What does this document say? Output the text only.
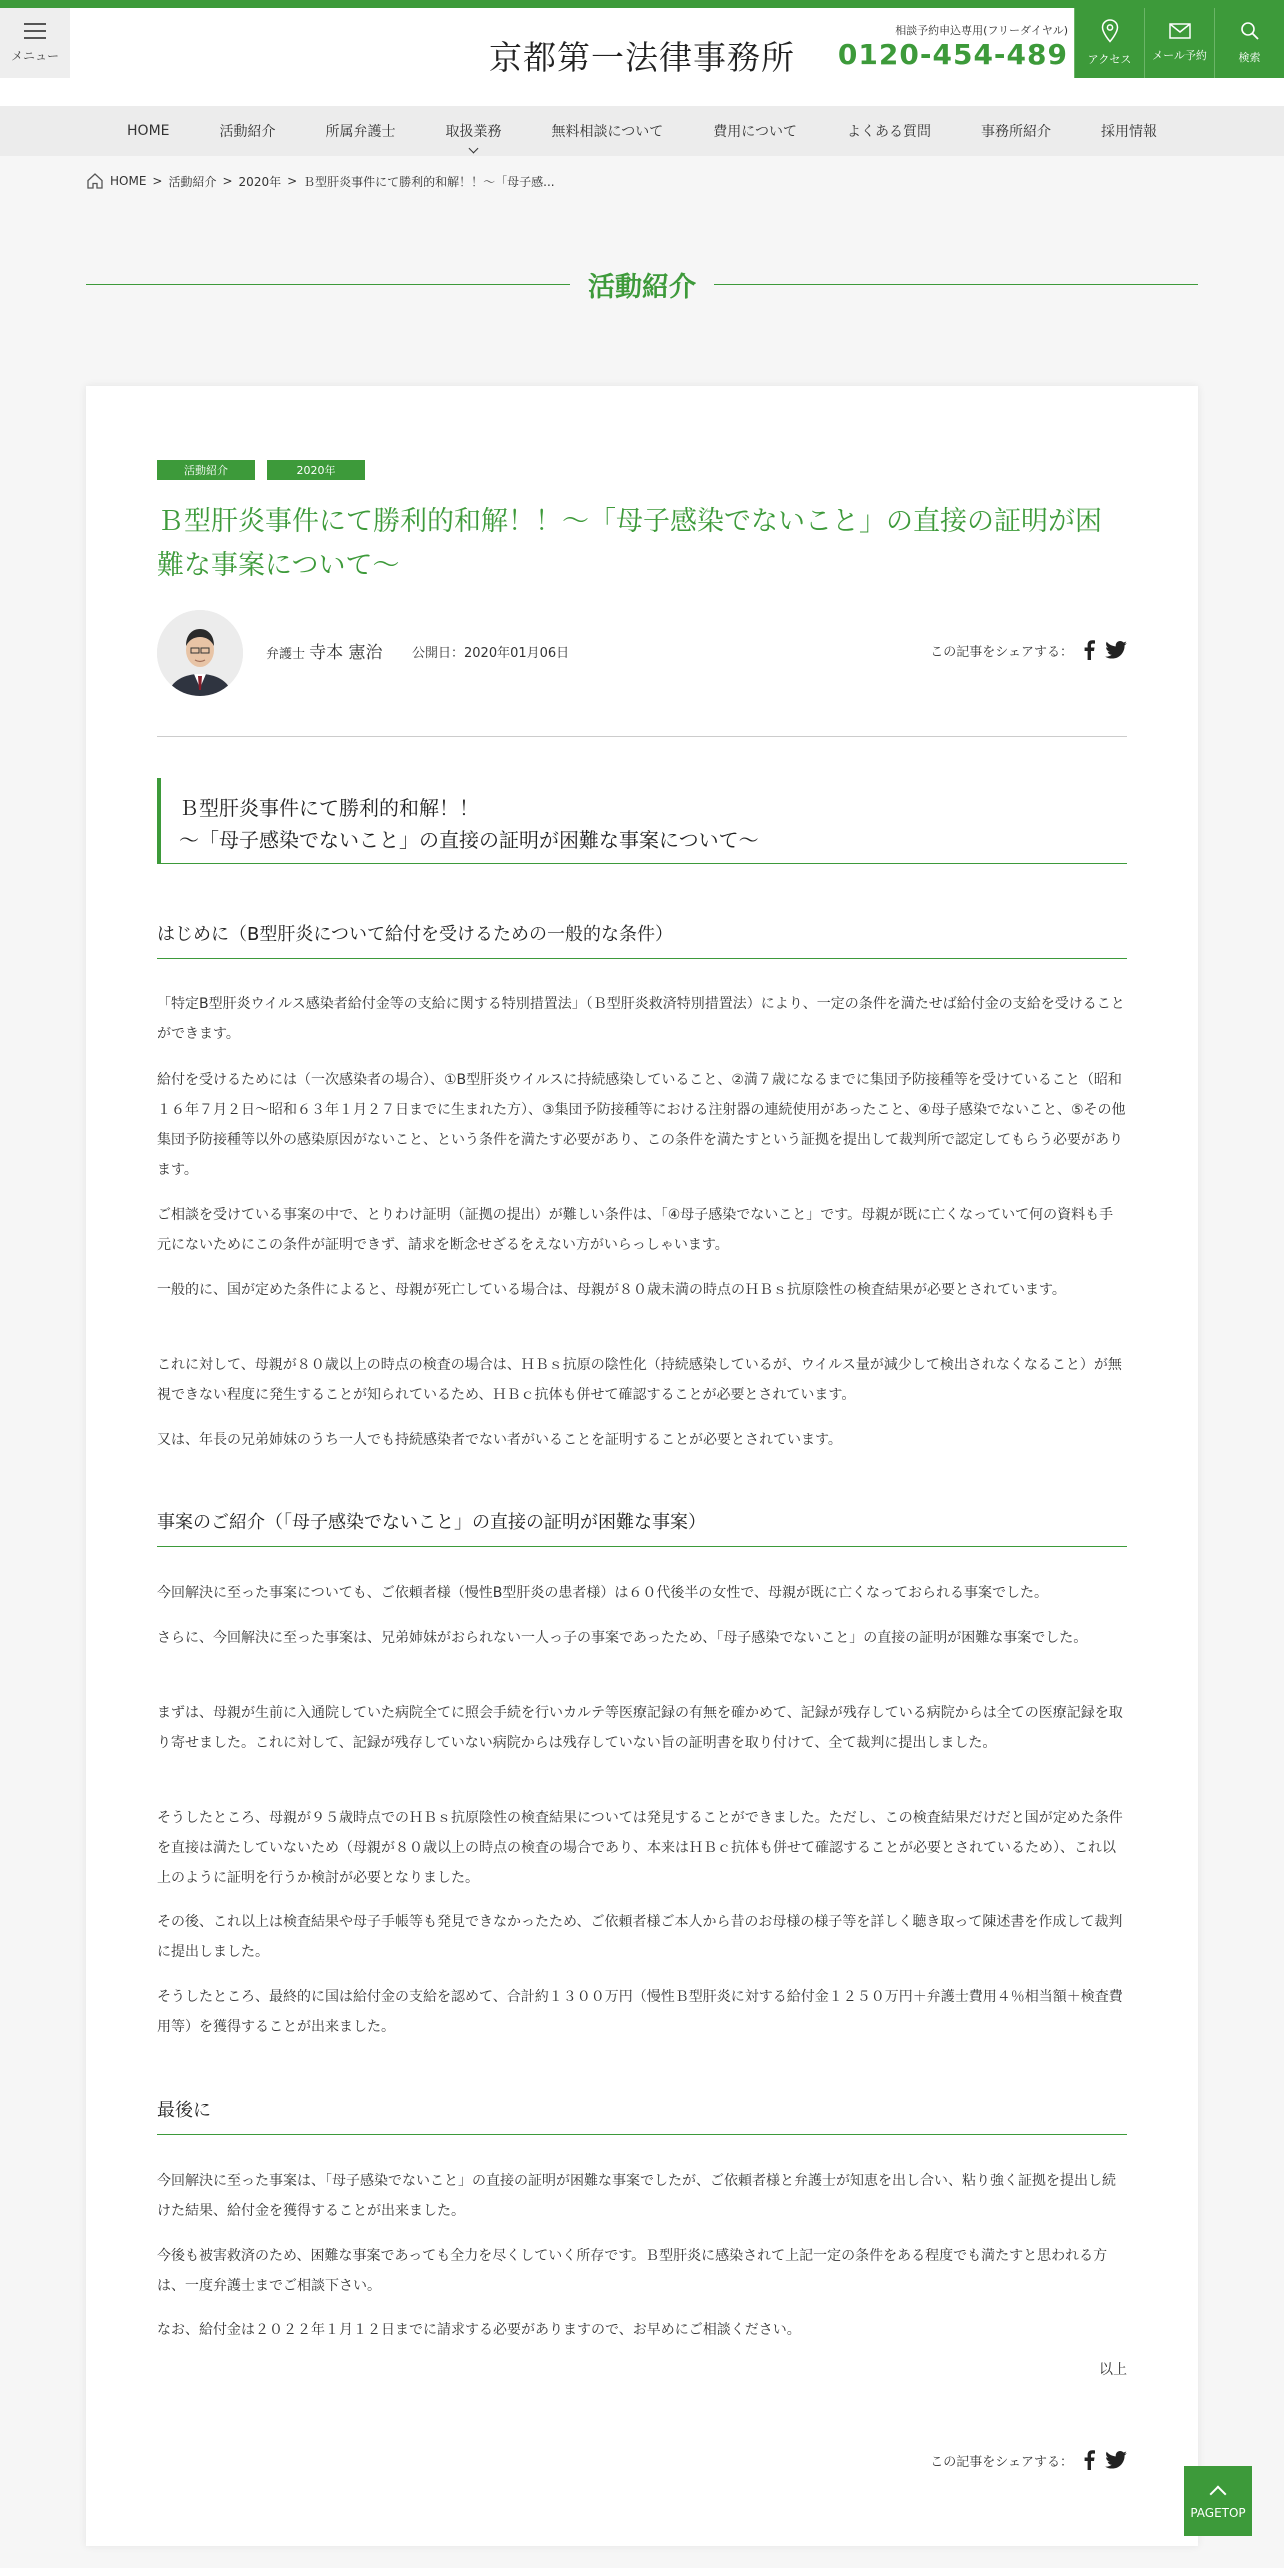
メニュー	京都第一法律事務所
相談予約申込専用(フリーダイヤル)
0120-454-489 アクセス メール予約	検索
HOME	活動紹介	所属弁護士	取扱業務	無料相談について	費用について	よくある質問	事務所紹介	採用情報
HOME > 活動紹介 > 2020年 > Ｂ型肝炎事件にて勝利的和解！！～「母子感...
活動紹介
活動紹介	2020年
Ｂ型肝炎事件にて勝利的和解！！～「母子感染でないこと」の直接の証明が困難な事案について～
弁護士 寺本 憲治 公開日：2020年01月06日	この記事をシェアする：
Ｂ型肝炎事件にて勝利的和解！！
～「母子感染でないこと」の直接の証明が困難な事案について～
はじめに（B型肝炎について給付を受けるための一般的な条件）

「特定B型肝炎ウイルス感染者給付金等の支給に関する特別措置法」（Ｂ型肝炎救済特別措置法）により、一定の条件を満たせば給付金の支給を受けることができます。

給付を受けるためには（一次感染者の場合）、①B型肝炎ウイルスに持続感染していること、②満７歳になるまでに集団予防接種等を受けていること（昭和１６年７月２日～昭和６３年１月２７日までに生まれた方）、③集団予防接種等における注射器の連続使用があったこと、④母子感染でないこと、⑤その他集団予防接種等以外の感染原因がないこと、という条件を満たす必要があり、この条件を満たすという証拠を提出して裁判所で認定してもらう必要があります。

ご相談を受けている事案の中で、とりわけ証明（証拠の提出）が難しい条件は、「④母子感染でないこと」です。母親が既に亡くなっていて何の資料も手元にないためにこの条件が証明できず、請求を断念せざるをえない方がいらっしゃいます。

一般的に、国が定めた条件によると、母親が死亡している場合は、母親が８０歳未満の時点のＨＢｓ抗原陰性の検査結果が必要とされています。

これに対して、母親が８０歳以上の時点の検査の場合は、ＨＢｓ抗原の陰性化（持続感染しているが、ウイルス量が減少して検出されなくなること）が無視できない程度に発生することが知られているため、ＨＢｃ抗体も併せて確認することが必要とされています。

又は、年長の兄弟姉妹のうち一人でも持続感染者でない者がいることを証明することが必要とされています。

事案のご紹介（「母子感染でないこと」の直接の証明が困難な事案）

今回解決に至った事案についても、ご依頼者様（慢性B型肝炎の患者様）は６０代後半の女性で、母親が既に亡くなっておられる事案でした。

さらに、今回解決に至った事案は、兄弟姉妹がおられない一人っ子の事案であったため、「母子感染でないこと」の直接の証明が困難な事案でした。

まずは、母親が生前に入通院していた病院全てに照会手続を行いカルテ等医療記録の有無を確かめて、記録が残存している病院からは全ての医療記録を取り寄せました。これに対して、記録が残存していない病院からは残存していない旨の証明書を取り付けて、全て裁判に提出しました。

そうしたところ、母親が９５歳時点でのＨＢｓ抗原陰性の検査結果については発見することができました。ただし、この検査結果だけだと国が定めた条件を直接は満たしていないため（母親が８０歳以上の時点の検査の場合であり、本来はＨＢｃ抗体も併せて確認することが必要とされているため）、これ以上のように証明を行うか検討が必要となりました。

その後、これ以上は検査結果や母子手帳等も発見できなかったため、ご依頼者様ご本人から昔のお母様の様子等を詳しく聴き取って陳述書を作成して裁判に提出しました。

そうしたところ、最終的に国は給付金の支給を認めて、合計約１３００万円（慢性Ｂ型肝炎に対する給付金１２５０万円＋弁護士費用４％相当額＋検査費用等）を獲得することが出来ました。

最後に

今回解決に至った事案は、「母子感染でないこと」の直接の証明が困難な事案でしたが、ご依頼者様と弁護士が知恵を出し合い、粘り強く証拠を提出し続けた結果、給付金を獲得することが出来ました。

今後も被害救済のため、困難な事案であっても全力を尽くしていく所存です。Ｂ型肝炎に感染されて上記一定の条件をある程度でも満たすと思われる方は、一度弁護士までご相談下さい。

なお、給付金は２０２２年１月１２日までに請求する必要がありますので、お早めにご相談ください。

以上
この記事をシェアする：
PAGETOP
